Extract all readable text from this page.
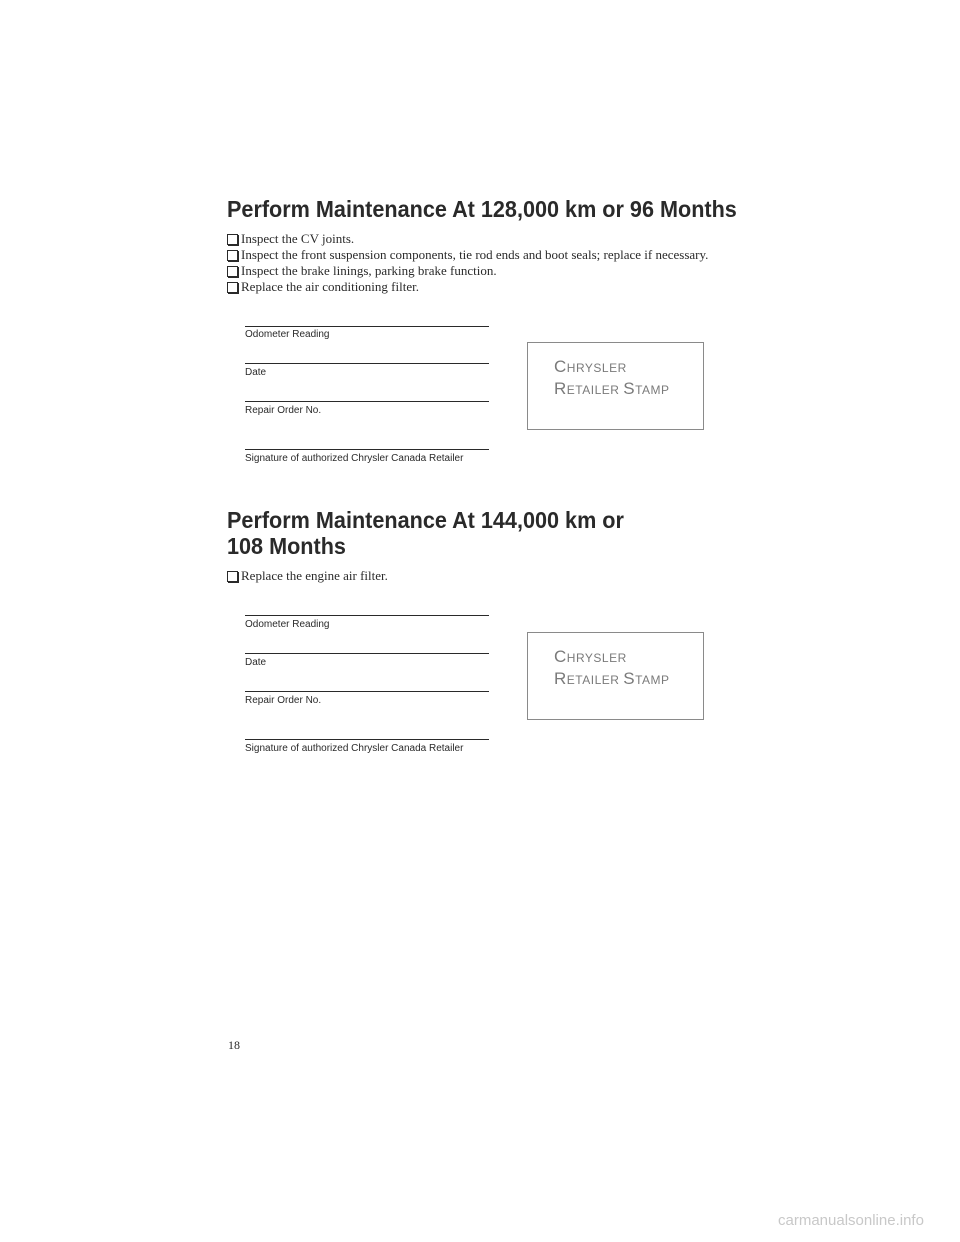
Perform Maintenance At 128,000 km or 96 Months
Inspect the CV joints.
Inspect the front suspension components, tie rod ends and boot seals; replace if necessary.
Inspect the brake linings, parking brake function.
Replace the air conditioning filter.
Odometer Reading
Date
Repair Order No.
Signature of authorized Chrysler Canada Retailer
CHRYSLER
RETAILER STAMP
Perform Maintenance At 144,000 km or
108 Months
Replace the engine air filter.
Odometer Reading
Date
Repair Order No.
Signature of authorized Chrysler Canada Retailer
CHRYSLER
RETAILER STAMP
18
carmanualsonline.info
